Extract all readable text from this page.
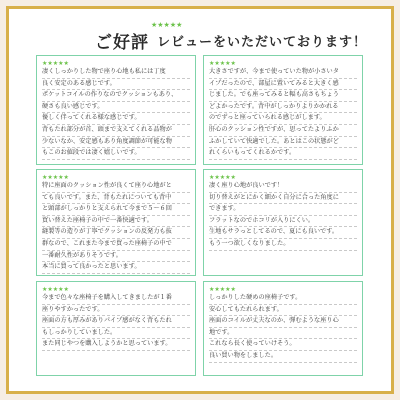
ご好評
★★★★★
レビューをいただいております！
★★★★★
凄くしっかりした物で座り心地も私には丁度
良く安定のある感じです。
ポケットコイルの作りなのでクッションもあり、
硬さも良い感じです。
優しく伴ってくれる様な感じです。
背もたれ部分が首、頭まで支えてくれる品物が
少ないなか、安定感もあり角度調節が可能な物
もこのお値段では凄く嬉しいです。
★★★★★
大きさですが、今まで使っていた物が小さいタ
イプだったので、部屋に置いてみると大きく感
じました。でも座ってみると幅も高さもちょう
どよかったです。背中がしっかりよりかかれる
のでずっと座っていられる感じがします。
肝心のクッション性ですが、思ってたよりふか
ふかしていて快適でした。あとはこの状態がど
れくらいもってくれるかです。
★★★★★
特に座面のクッション性が良くて座り心地がと
ても良いです。また、背もたれについても背中
と頭部がしっかりと支えられて今まで５～６回
買い替えた座椅子の中で一番快適です。
縫製等の造りが丁寧でクッションの反発力も抜
群なので、これまた今まで買った座椅子の中で
一番耐久性がありそうです。
本当に買って良かったと思います。
★★★★★
凄く座り心地が良いです！
切り替えがとにかく細かく自分に合った角度に
できます。
フラットなのでホコリが入りにくい。
生地もサラっとしてるので、夏にも良いです。
もう一つ欲しくなりました。
★★★★★
今まで色々な座椅子を購入してきましたが１番
座りやすかったです。
座面の方も厚みがありパイプ感がなく背もたれ
もしっかりしていました。
また同じやつを購入しようかと思っています。
★★★★★
しっかりした硬めの座椅子です。
安心してもたれられます。
座面のコイルが丈夫なのか、弾むような座り心
地です。
これなら長く使っていけそう。
良い買い物をしました。
